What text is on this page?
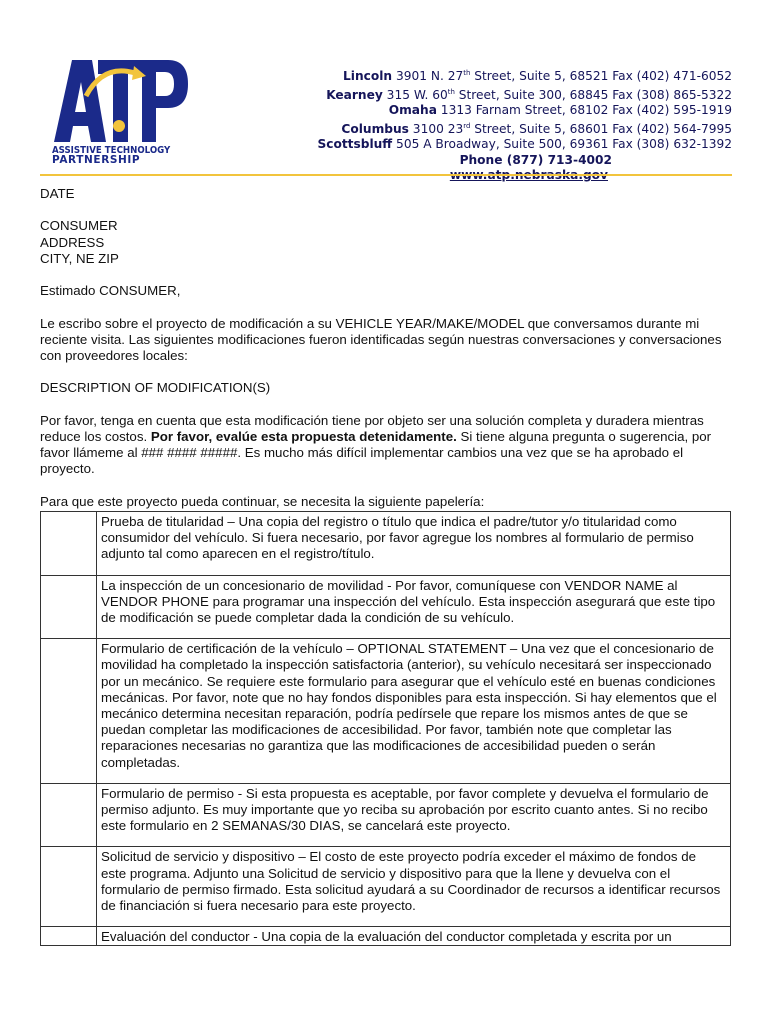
ASSISTIVE TECHNOLOGY
PARTNERSHIP
Lincoln 3901 N. 27th Street, Suite 5, 68521 Fax (402) 471-6052
Kearney 315 W. 60th Street, Suite 300, 68845 Fax (308) 865-5322
Omaha 1313 Farnam Street, 68102 Fax (402) 595-1919
Columbus 3100 23rd Street, Suite 5, 68601 Fax (402) 564-7995
Scottsbluff 505 A Broadway, Suite 500, 69361 Fax (308) 632-1392
Phone (877) 713-4002

DATE

CONSUMER

ADDRESS

CITY, NE ZIP

Estimado CONSUMER,

Le escribo sobre el proyecto de modificación a su VEHICLE YEAR/MAKE/MODEL que conversamos durante mi reciente visita. Las siguientes modificaciones fueron identificadas según nuestras conversaciones y conversaciones con proveedores locales:

DESCRIPTION OF MODIFICATION(S)

Por favor, tenga en cuenta que esta modificación tiene por objeto ser una solución completa y duradera mientras reduce los costos. Por favor, evalúe esta propuesta detenidamente. Si tiene alguna pregunta o sugerencia, por favor llámeme al ### #### #####. Es mucho más difícil implementar cambios una vez que se ha aprobado el proyecto.

Para que este proyecto pueda continuar, se necesita la siguiente papelería:

	Prueba de titularidad – Una copia del registro o título que indica el padre/tutor y/o titularidad como consumidor del vehículo. Si fuera necesario, por favor agregue los nombres al formulario de permiso adjunto tal como aparecen en el registro/título.
	La inspección de un concesionario de movilidad - Por favor, comuníquese con VENDOR NAME al VENDOR PHONE para programar una inspección del vehículo. Esta inspección asegurará que este tipo de modificación se puede completar dada la condición de su vehículo.
	Formulario de certificación de la vehículo – OPTIONAL STATEMENT – Una vez que el concesionario de movilidad ha completado la inspección satisfactoria (anterior), su vehículo necesitará ser inspeccionado por un mecánico. Se requiere este formulario para asegurar que el vehículo esté en buenas condiciones mecánicas. Por favor, note que no hay fondos disponibles para esta inspección. Si hay elementos que el mecánico determina necesitan reparación, podría pedírsele que repare los mismos antes de que se puedan completar las modificaciones de accesibilidad. Por favor, también note que completar las reparaciones necesarias no garantiza que las modificaciones de accesibilidad pueden o serán completadas.
	Formulario de permiso - Si esta propuesta es aceptable, por favor complete y devuelva el formulario de permiso adjunto. Es muy importante que yo reciba su aprobación por escrito cuanto antes. Si no recibo este formulario en 2 SEMANAS/30 DIAS, se cancelará este proyecto.
	Solicitud de servicio y dispositivo – El costo de este proyecto podría exceder el máximo de fondos de este programa. Adjunto una Solicitud de servicio y dispositivo para que la llene y devuelva con el formulario de permiso firmado. Esta solicitud ayudará a su Coordinador de recursos a identificar recursos de financiación si fuera necesario para este proyecto.
	Evaluación del conductor - Una copia de la evaluación del conductor completada y escrita por un
